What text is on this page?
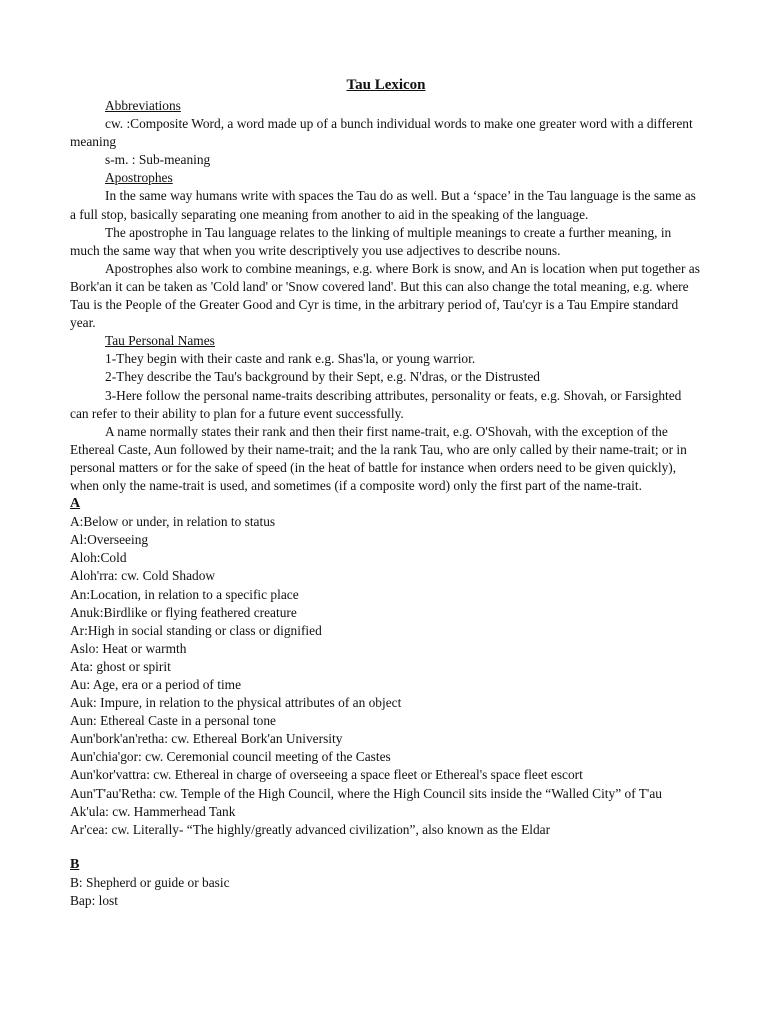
Tau Lexicon

Abbreviations

cw. :Composite Word, a word made up of a bunch individual words to make one greater word with a different meaning

s-m. : Sub-meaning

Apostrophes

In the same way humans write with spaces the Tau do as well. But a ‘space’ in the Tau language is the same as a full stop, basically separating one meaning from another to aid in the speaking of the language.

The apostrophe in Tau language relates to the linking of multiple meanings to create a further meaning, in much the same way that when you write descriptively you use adjectives to describe nouns.

Apostrophes also work to combine meanings, e.g. where Bork is snow, and An is location when put together as Bork'an it can be taken as 'Cold land' or 'Snow covered land'. But this can also change the total meaning, e.g. where Tau is the People of the Greater Good and Cyr is time, in the arbitrary period of, Tau'cyr is a Tau Empire standard year.

Tau Personal Names

1-They begin with their caste and rank e.g. Shas'la, or young warrior.

2-They describe the Tau's background by their Sept, e.g. N'dras, or the Distrusted

3-Here follow the personal name-traits describing attributes, personality or feats, e.g. Shovah, or Farsighted can refer to their ability to plan for a future event successfully.

A name normally states their rank and then their first name-trait, e.g. O'Shovah, with the exception of the Ethereal Caste, Aun followed by their name-trait; and the la rank Tau, who are only called by their name-trait; or in personal matters or for the sake of speed (in the heat of battle for instance when orders need to be given quickly), when only the name-trait is used, and sometimes (if a composite word) only the first part of the name-trait.

A

A:Below or under, in relation to status

Al:Overseeing

Aloh:Cold

Aloh'rra: cw. Cold Shadow

An:Location, in relation to a specific place

Anuk:Birdlike or flying feathered creature

Ar:High in social standing or class or dignified

Aslo: Heat or warmth

Ata: ghost or spirit

Au: Age, era or a period of time

Auk: Impure, in relation to the physical attributes of an object

Aun: Ethereal Caste in a personal tone

Aun'bork'an'retha: cw. Ethereal Bork'an University

Aun'chia'gor: cw. Ceremonial council meeting of the Castes

Aun'kor'vattra: cw. Ethereal in charge of overseeing a space fleet or Ethereal's space fleet escort

Aun'T'au'Retha: cw. Temple of the High Council, where the High Council sits inside the “Walled City” of T'au

Ak'ula: cw. Hammerhead Tank

Ar'cea: cw. Literally- “The highly/greatly advanced civilization”, also known as the Eldar

B

B: Shepherd or guide or basic

Bap: lost
